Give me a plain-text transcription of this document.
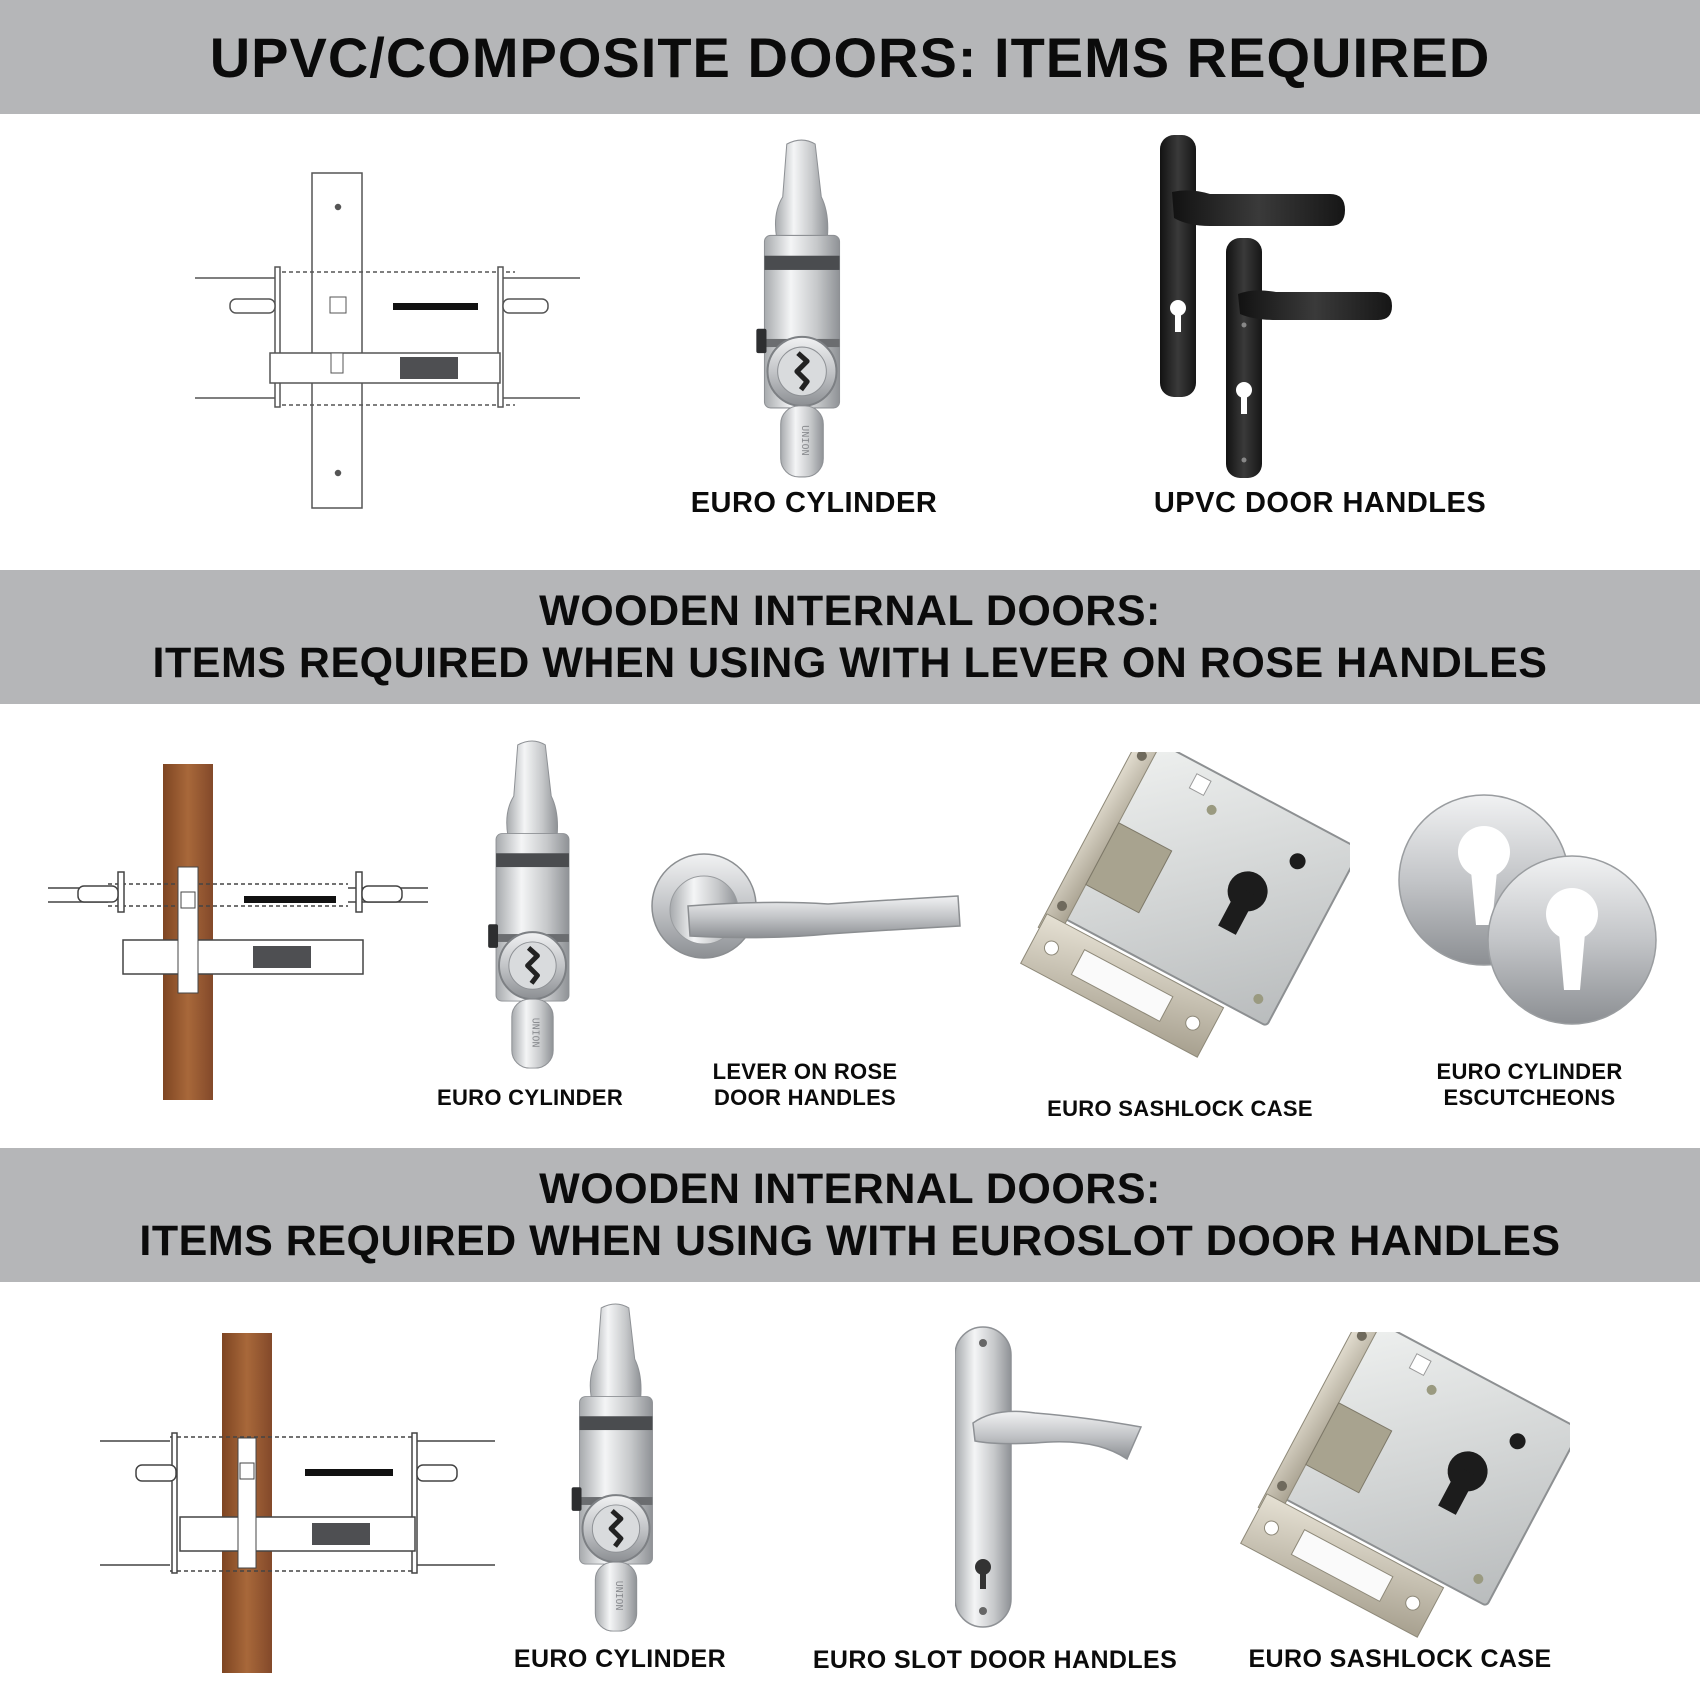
UPVC/COMPOSITE DOORS: ITEMS REQUIRED
EURO CYLINDER	UPVC DOOR HANDLES
WOODEN INTERNAL DOORS:
ITEMS REQUIRED WHEN USING WITH LEVER ON ROSE HANDLES
EURO CYLINDER
LEVER ON ROSE
DOOR HANDLES	EURO SASHLOCK CASE
EURO CYLINDER
ESCUTCHEONS
WOODEN INTERNAL DOORS:
ITEMS REQUIRED WHEN USING WITH EUROSLOT DOOR HANDLES
EURO CYLINDER	EURO SLOT DOOR HANDLES	EURO SASHLOCK CASE
